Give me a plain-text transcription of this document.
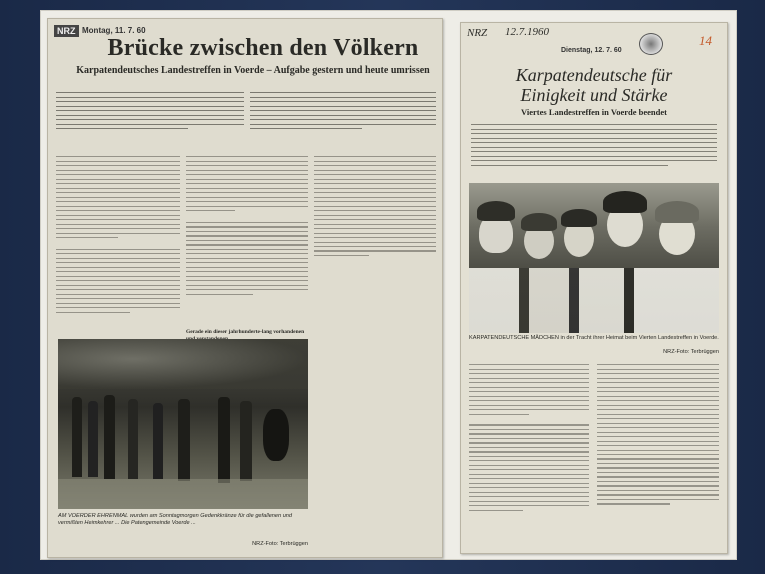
NRZ Montag, 11. 7. 60
Brücke zwischen den Völkern
Karpatendeutsches Landestreffen in Voerde – Aufgabe gestern und heute umrissen
Gerade ein dieser jahrhunderte-lang vorhandenen
AM VOERDER EHRENMAL wurden am Sonntagmorgen Gedenkkränze für die gefallenen und vermißten Heimkehrer ... Die Patengemeinde Voerde ...
NRZ-Foto: Terbrüggen
NRZ 12.7.1960
Dienstag, 12. 7. 60
14
Karpatendeutsche für
Einigkeit und Stärke
Viertes Landestreffen in Voerde beendet
KARPATENDEUTSCHE MÄDCHEN in der Tracht ihrer Heimat beim Vierten Landestreffen in Voerde.
NRZ-Foto: Terbrüggen
